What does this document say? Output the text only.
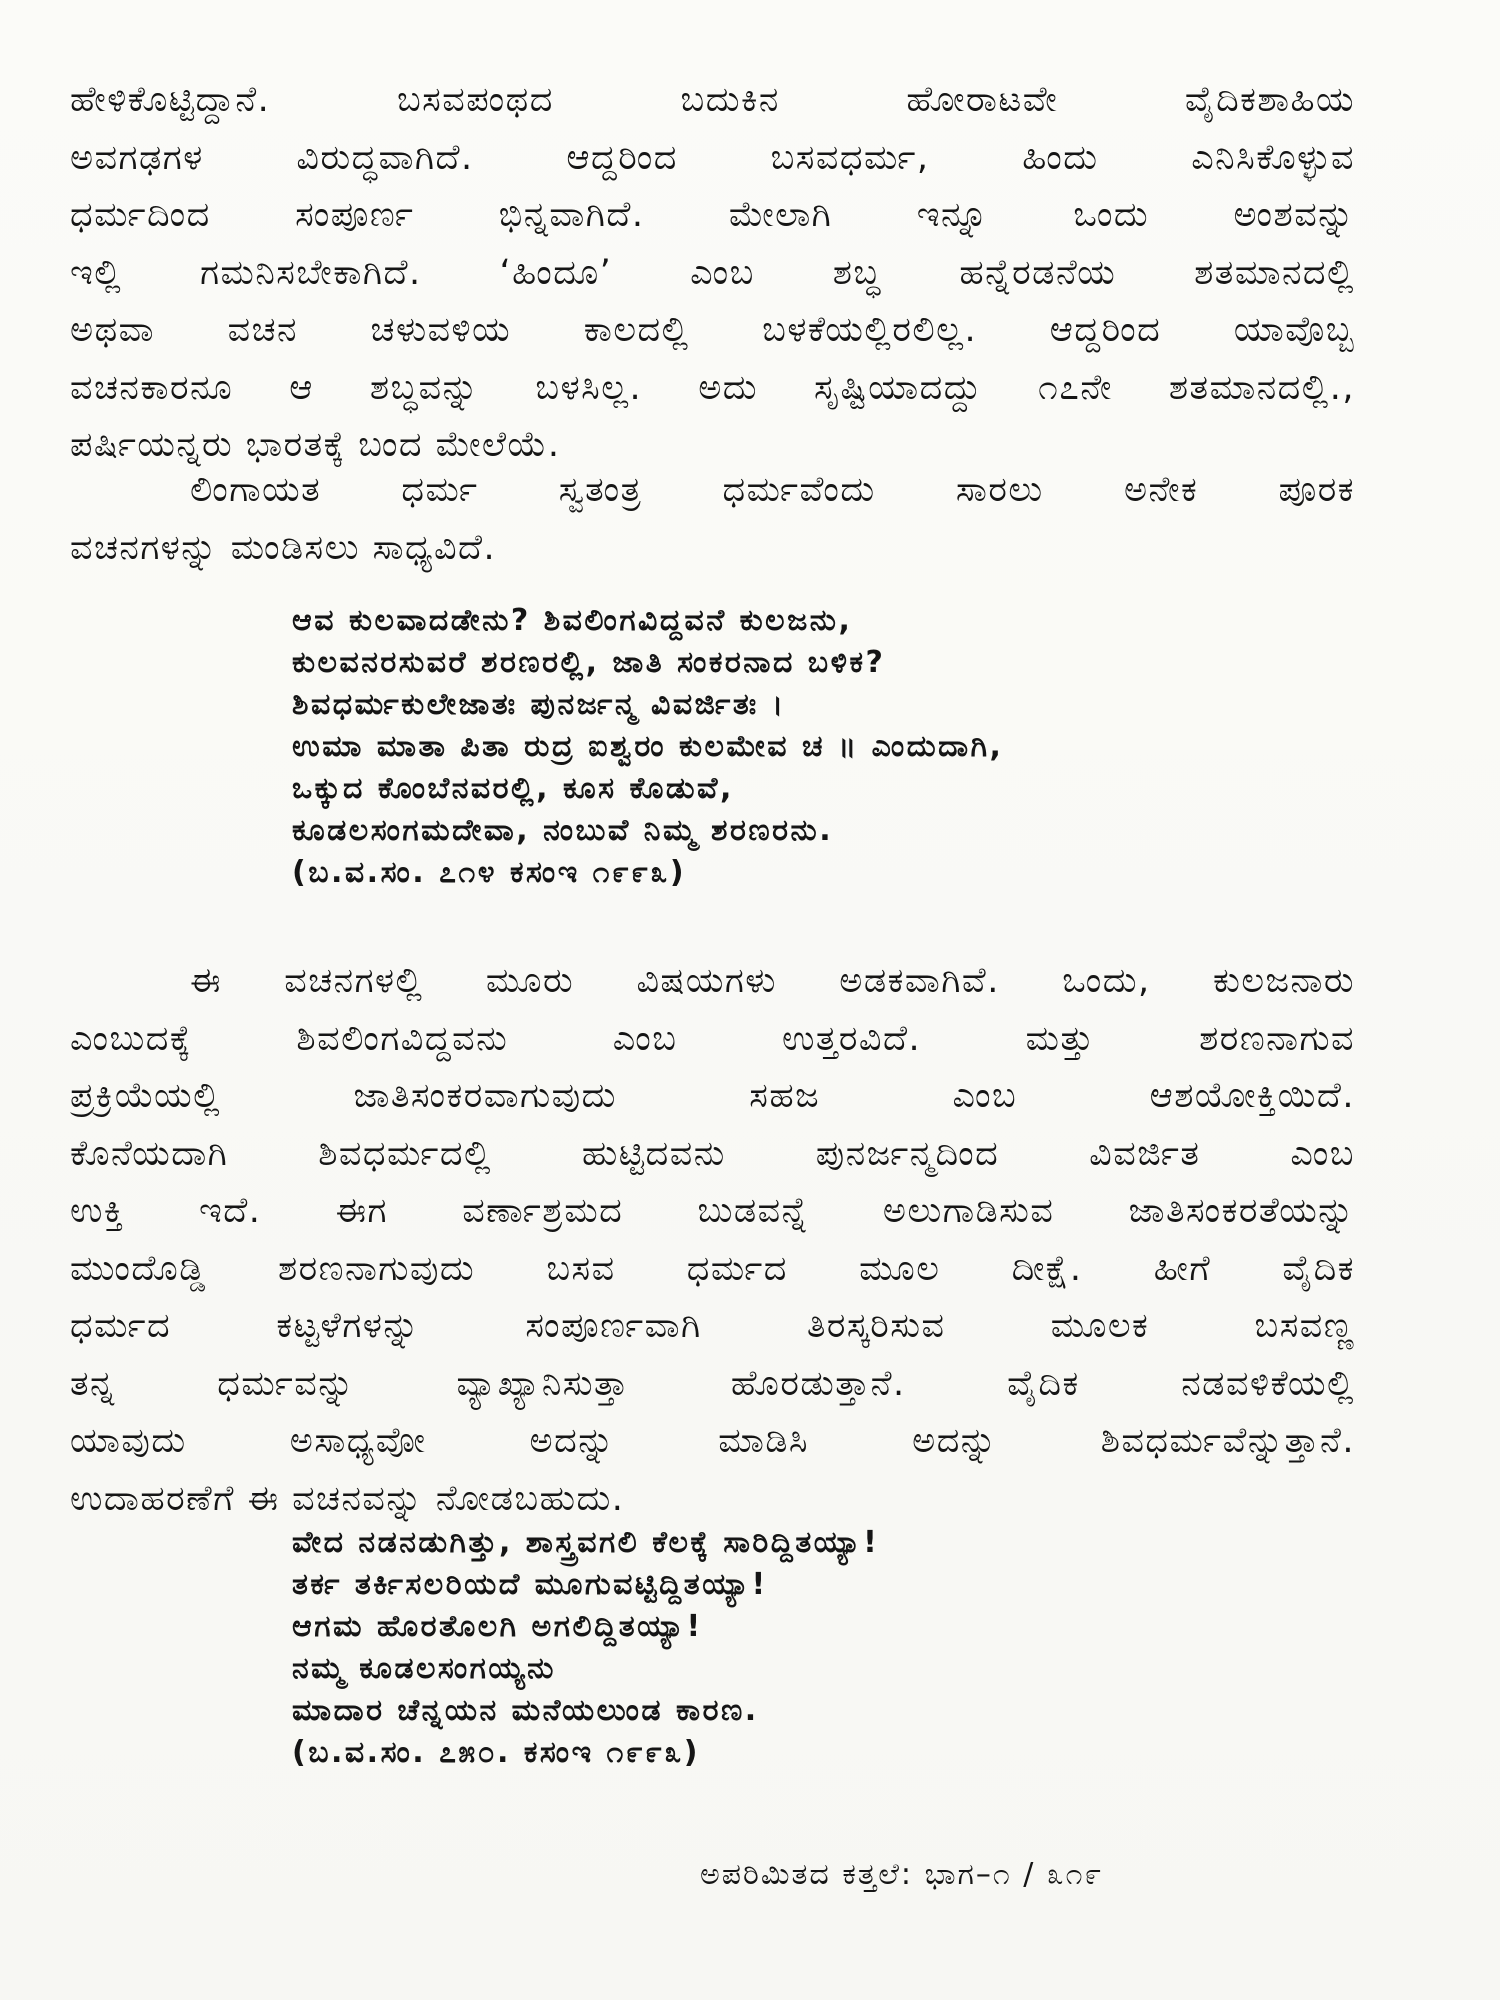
ಹೇಳಿಕೊಟ್ಟಿದ್ದಾನೆ. ಬಸವಪಂಥದ ಬದುಕಿನ ಹೋರಾಟವೇ ವೈದಿಕಶಾಹಿಯ
ಅವಗಢಗಳ ವಿರುದ್ಧವಾಗಿದೆ. ಆದ್ದರಿಂದ ಬಸವಧರ್ಮ, ಹಿಂದು ಎನಿಸಿಕೊಳ್ಳುವ
ಧರ್ಮದಿಂದ ಸಂಪೂರ್ಣ ಭಿನ್ನವಾಗಿದೆ. ಮೇಲಾಗಿ ಇನ್ನೂ ಒಂದು ಅಂಶವನ್ನು
ಇಲ್ಲಿ ಗಮನಿಸಬೇಕಾಗಿದೆ. ‘ಹಿಂದೂ’ ಎಂಬ ಶಬ್ಧ ಹನ್ನೆರಡನೆಯ ಶತಮಾನದಲ್ಲಿ
ಅಥವಾ ವಚನ ಚಳುವಳಿಯ ಕಾಲದಲ್ಲಿ ಬಳಕೆಯಲ್ಲಿರಲಿಲ್ಲ. ಆದ್ದರಿಂದ ಯಾವೊಬ್ಬ
ವಚನಕಾರನೂ ಆ ಶಬ್ಧವನ್ನು ಬಳಸಿಲ್ಲ. ಅದು ಸೃಷ್ಟಿಯಾದದ್ದು ೧೭ನೇ ಶತಮಾನದಲ್ಲಿ.,
ಪರ್ಷಿಯನ್ನರು ಭಾರತಕ್ಕೆ ಬಂದ ಮೇಲೆಯೆ.
ಲಿಂಗಾಯತ ಧರ್ಮ ಸ್ವತಂತ್ರ ಧರ್ಮವೆಂದು ಸಾರಲು ಅನೇಕ ಪೂರಕ
ವಚನಗಳನ್ನು ಮಂಡಿಸಲು ಸಾಧ್ಯವಿದೆ.
ಆವ ಕುಲವಾದಡೇನು? ಶಿವಲಿಂಗವಿದ್ದವನೆ ಕುಲಜನು,
ಕುಲವನರಸುವರೆ ಶರಣರಲ್ಲಿ, ಜಾತಿ ಸಂಕರನಾದ ಬಳಿಕ?
ಶಿವಧರ್ಮಕುಲೇಜಾತಃ ಪುನರ್ಜನ್ಮ ವಿವರ್ಜಿತಃ ।
ಉಮಾ ಮಾತಾ ಪಿತಾ ರುದ್ರ ಐಶ್ವರಂ ಕುಲಮೇವ ಚ ॥ ಎಂದುದಾಗಿ,
ಒಕ್ಕುದ ಕೊಂಬೆನವರಲ್ಲಿ, ಕೂಸ ಕೊಡುವೆ,
ಕೂಡಲಸಂಗಮದೇವಾ, ನಂಬುವೆ ನಿಮ್ಮ ಶರಣರನು.
(ಬ.ವ.ಸಂ. ೭೧೪ ಕಸಂಇ ೧೯೯೩)
ಈ ವಚನಗಳಲ್ಲಿ ಮೂರು ವಿಷಯಗಳು ಅಡಕವಾಗಿವೆ. ಒಂದು, ಕುಲಜನಾರು
ಎಂಬುದಕ್ಕೆ ಶಿವಲಿಂಗವಿದ್ದವನು ಎಂಬ ಉತ್ತರವಿದೆ. ಮತ್ತು ಶರಣನಾಗುವ
ಪ್ರಕ್ರಿಯೆಯಲ್ಲಿ ಜಾತಿಸಂಕರವಾಗುವುದು ಸಹಜ ಎಂಬ ಆಶಯೋಕ್ತಿಯಿದೆ.
ಕೊನೆಯದಾಗಿ ಶಿವಧರ್ಮದಲ್ಲಿ ಹುಟ್ಟಿದವನು ಪುನರ್ಜನ್ಮದಿಂದ ವಿವರ್ಜಿತ ಎಂಬ
ಉಕ್ತಿ ಇದೆ. ಈಗ ವರ್ಣಾಶ್ರಮದ ಬುಡವನ್ನೆ ಅಲುಗಾಡಿಸುವ ಜಾತಿಸಂಕರತೆಯನ್ನು
ಮುಂದೊಡ್ಡಿ ಶರಣನಾಗುವುದು ಬಸವ ಧರ್ಮದ ಮೂಲ ದೀಕ್ಷೆ. ಹೀಗೆ ವೈದಿಕ
ಧರ್ಮದ ಕಟ್ಟಳೆಗಳನ್ನು ಸಂಪೂರ್ಣವಾಗಿ ತಿರಸ್ಕರಿಸುವ ಮೂಲಕ ಬಸವಣ್ಣ
ತನ್ನ ಧರ್ಮವನ್ನು ವ್ಯಾಖ್ಯಾನಿಸುತ್ತಾ ಹೊರಡುತ್ತಾನೆ. ವೈದಿಕ ನಡವಳಿಕೆಯಲ್ಲಿ
ಯಾವುದು ಅಸಾಧ್ಯವೋ ಅದನ್ನು ಮಾಡಿಸಿ ಅದನ್ನು ಶಿವಧರ್ಮವೆನ್ನುತ್ತಾನೆ.
ಉದಾಹರಣೆಗೆ ಈ ವಚನವನ್ನು ನೋಡಬಹುದು.
ವೇದ ನಡನಡುಗಿತ್ತು, ಶಾಸ್ತ್ರವಗಲಿ ಕೆಲಕ್ಕೆ ಸಾರಿದ್ದಿತಯ್ಯಾ!
ತರ್ಕ ತರ್ಕಿಸಲರಿಯದೆ ಮೂಗುವಟ್ಟಿದ್ದಿತಯ್ಯಾ!
ಆಗಮ ಹೊರತೊಲಗಿ ಅಗಲಿದ್ದಿತಯ್ಯಾ!
ನಮ್ಮ ಕೂಡಲಸಂಗಯ್ಯನು
ಮಾದಾರ ಚೆನ್ನಯನ ಮನೆಯಲುಂಡ ಕಾರಣ.
(ಬ.ವ.ಸಂ. ೭೫೦. ಕಸಂಇ ೧೯೯೩)
ಅಪರಿಮಿತದ ಕತ್ತಲೆ: ಭಾಗ–೧ / ೩೧೯
